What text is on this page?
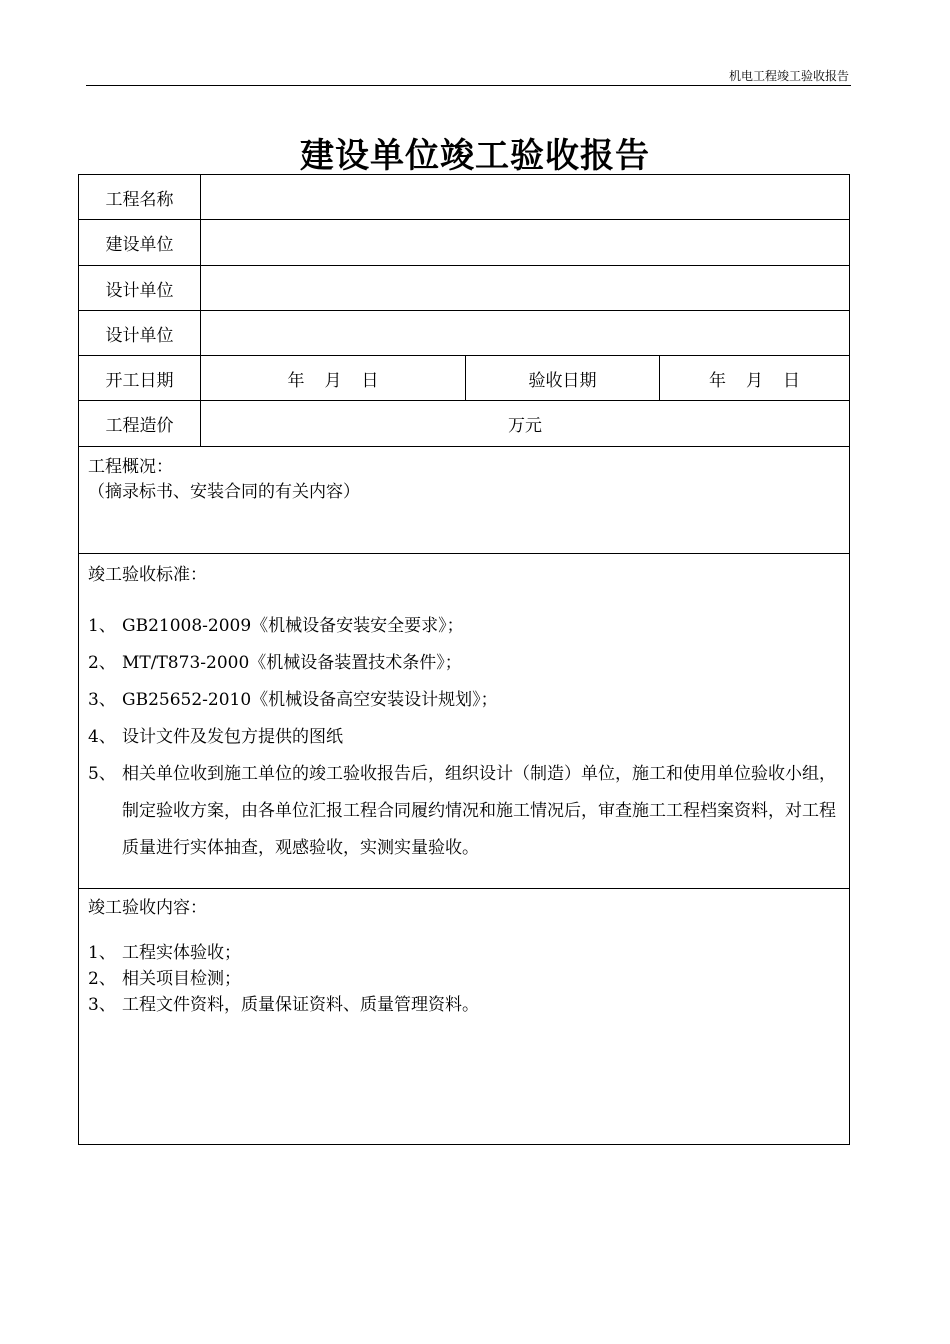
机电工程竣工验收报告
建设单位竣工验收报告
工程名称
建设单位
设计单位
设计单位
开工日期	年 月 日	验收日期	年 月 日
工程造价	万元
工程概况：
（摘录标书、安装合同的有关内容）
竣工验收标准：
1、 GB21008-2009《机械设备安装安全要求》；
2、 MT/T873-2000《机械设备装置技术条件》；
3、 GB25652-2010《机械设备高空安装设计规划》；
4、 设计文件及发包方提供的图纸
5、 相关单位收到施工单位的竣工验收报告后，组织设计（制造）单位，施工和使用单位验收小组，制定验收方案，由各单位汇报工程合同履约情况和施工情况后，审查施工工程档案资料，对工程质量进行实体抽查，观感验收，实测实量验收。
竣工验收内容：
1、 工程实体验收；
2、 相关项目检测；
3、 工程文件资料，质量保证资料、质量管理资料。
